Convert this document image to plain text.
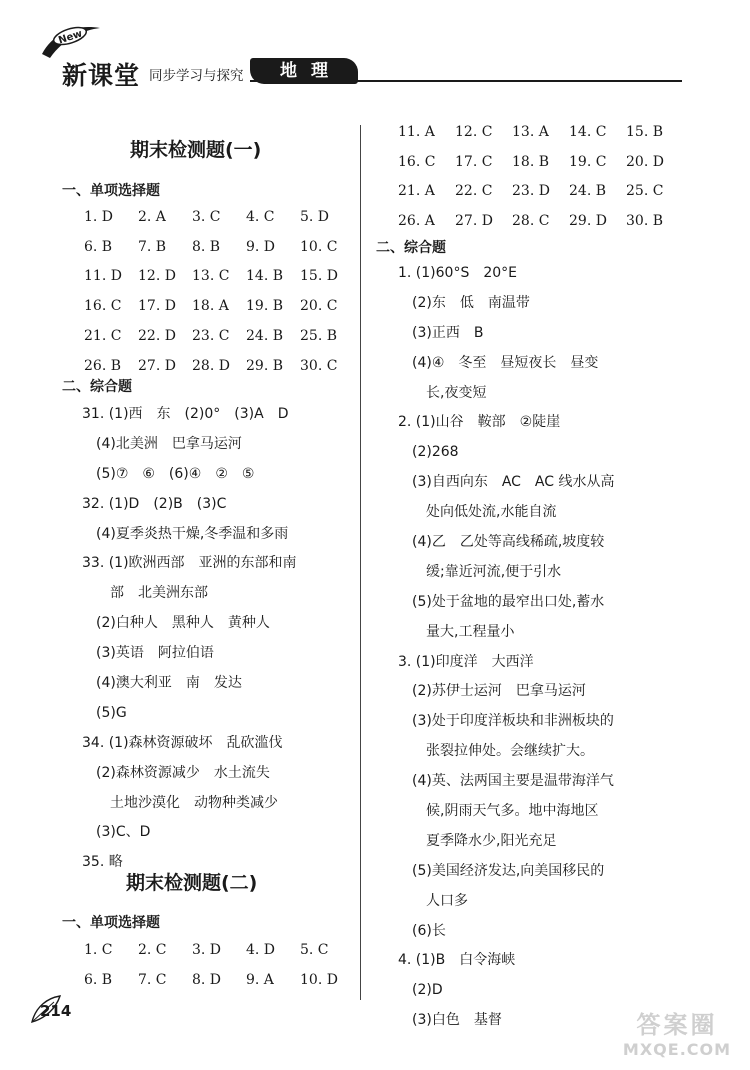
New
新课堂 同步学习与探究	地理
期末检测题(一)
一、单项选择题
1. D	2. A	3. C	4. C	5. D
6. B	7. B	8. B	9. D	10. C
11. D	12. D	13. C	14. B	15. D
16. C	17. D	18. A	19. B	20. C
21. C	22. D	23. C	24. B	25. B
26. B	27. D	28. D	29. B	30. C
二、综合题
31. (1)西　东　(2)0°　(3)A　D
　(4)北美洲　巴拿马运河
　(5)⑦　⑥　(6)④　②　⑤
32. (1)D　(2)B　(3)C
　(4)夏季炎热干燥,冬季温和多雨
33. (1)欧洲西部　亚洲的东部和南
　　部　北美洲东部
　(2)白种人　黑种人　黄种人
　(3)英语　阿拉伯语
　(4)澳大利亚　南　发达
　(5)G
34. (1)森林资源破坏　乱砍滥伐
　(2)森林资源减少　水土流失
　　土地沙漠化　动物种类减少
　(3)C、D
35. 略
期末检测题(二)
一、单项选择题
1. C	2. C	3. D	4. D	5. C
6. B	7. C	8. D	9. A	10. D
11. A	12. C	13. A	14. C	15. B
16. C	17. C	18. B	19. C	20. D
21. A	22. C	23. D	24. B	25. C
26. A	27. D	28. C	29. D	30. B
二、综合题
1. (1)60°S　20°E
　(2)东　低　南温带
　(3)正西　B
　(4)④　冬至　昼短夜长　昼变
　　长,夜变短
2. (1)山谷　鞍部　②陡崖
　(2)268
　(3)自西向东　AC　AC 线水从高
　　处向低处流,水能自流
　(4)乙　乙处等高线稀疏,坡度较
　　缓;靠近河流,便于引水
　(5)处于盆地的最窄出口处,蓄水
　　量大,工程量小
3. (1)印度洋　大西洋
　(2)苏伊士运河　巴拿马运河
　(3)处于印度洋板块和非洲板块的
　　张裂拉伸处。会继续扩大。
　(4)英、法两国主要是温带海洋气
　　候,阴雨天气多。地中海地区
　　夏季降水少,阳光充足
　(5)美国经济发达,向美国移民的
　　人口多
　(6)长
4. (1)B　白令海峡
　(2)D
　(3)白色　基督
214	答案圈
MXQE.COM
